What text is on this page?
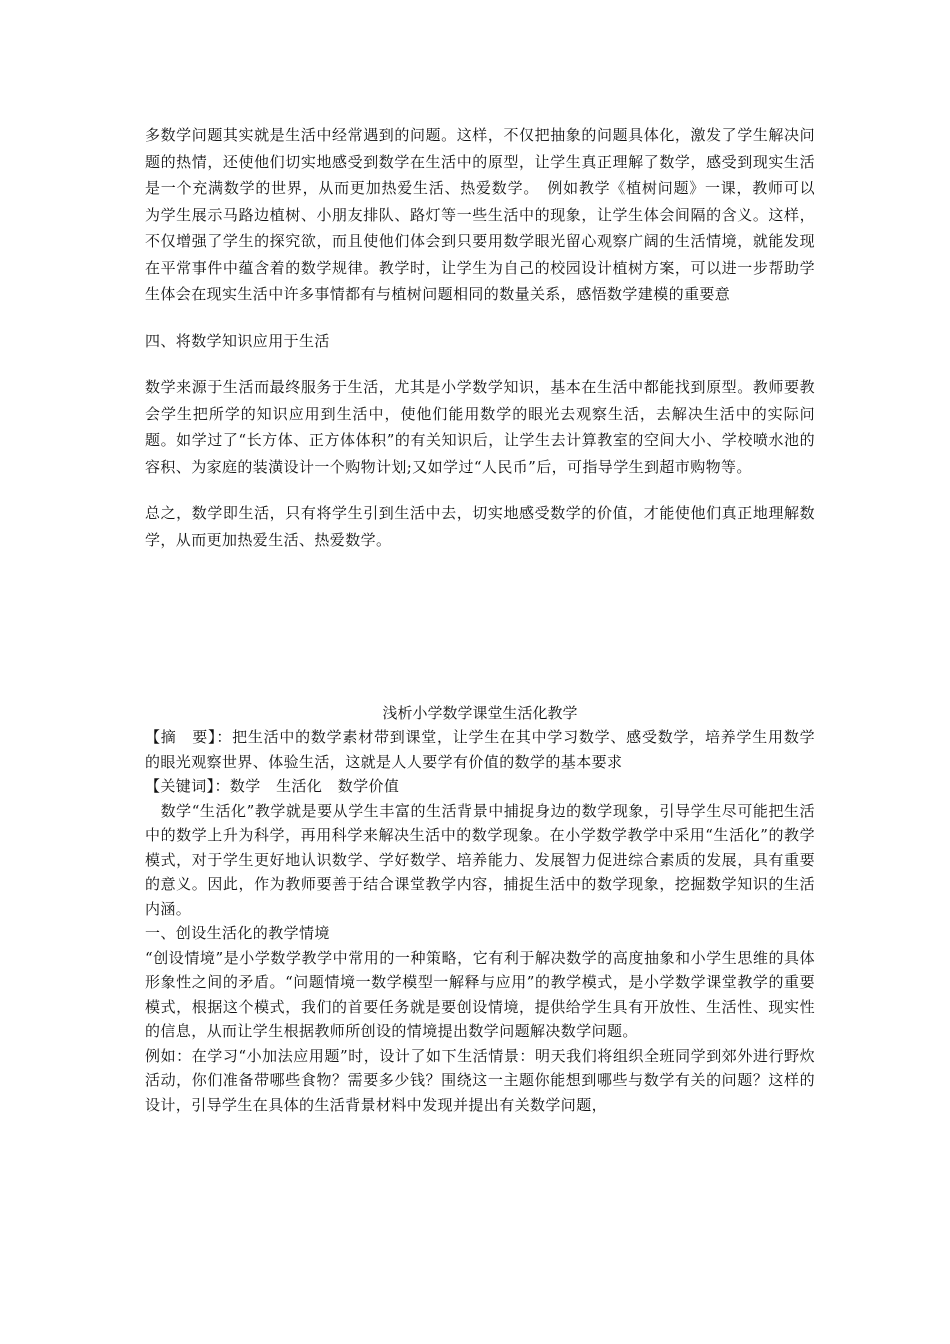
多数学问题其实就是生活中经常遇到的问题。这样，不仅把抽象的问题具体化，激发了学生解决问题的热情，还使他们切实地感受到数学在生活中的原型，让学生真正理解了数学，感受到现实生活是一个充满数学的世界，从而更加热爱生活、热爱数学。　例如教学《植树问题》一课，教师可以为学生展示马路边植树、小朋友排队、路灯等一些生活中的现象，让学生体会间隔的含义。这样，不仅增强了学生的探究欲，而且使他们体会到只要用数学眼光留心观察广阔的生活情境，就能发现在平常事件中蕴含着的数学规律。教学时，让学生为自己的校园设计植树方案，可以进一步帮助学生体会在现实生活中许多事情都有与植树问题相同的数量关系，感悟数学建模的重要意

四、将数学知识应用于生活

数学来源于生活而最终服务于生活，尤其是小学数学知识，基本在生活中都能找到原型。教师要教会学生把所学的知识应用到生活中，使他们能用数学的眼光去观察生活，去解决生活中的实际问题。如学过了“长方体、正方体体积”的有关知识后，让学生去计算教室的空间大小、学校喷水池的容积、为家庭的装潢设计一个购物计划;又如学过“人民币”后，可指导学生到超市购物等。

总之，数学即生活，只有将学生引到生活中去，切实地感受数学的价值，才能使他们真正地理解数学，从而更加热爱生活、热爱数学。

浅析小学数学课堂生活化教学

【摘　要】：把生活中的数学素材带到课堂，让学生在其中学习数学、感受数学，培养学生用数学的眼光观察世界、体验生活，这就是人人要学有价值的数学的基本要求

【关键词】：数学　生活化　数学价值

　数学“生活化”教学就是要从学生丰富的生活背景中捕捉身边的数学现象，引导学生尽可能把生活中的数学上升为科学，再用科学来解决生活中的数学现象。在小学数学教学中采用“生活化”的教学模式，对于学生更好地认识数学、学好数学、培养能力、发展智力促进综合素质的发展，具有重要的意义。因此，作为教师要善于结合课堂教学内容，捕捉生活中的数学现象，挖掘数学知识的生活内涵。

一、创设生活化的教学情境

“创设情境”是小学数学教学中常用的一种策略，它有利于解决数学的高度抽象和小学生思维的具体形象性之间的矛盾。“问题情境一数学模型一解释与应用”的教学模式，是小学数学课堂教学的重要模式，根据这个模式，我们的首要任务就是要创设情境，提供给学生具有开放性、生活性、现实性的信息，从而让学生根据教师所创设的情境提出数学问题解决数学问题。

例如：在学习“小加法应用题”时，设计了如下生活情景：明天我们将组织全班同学到郊外进行野炊活动，你们准备带哪些食物？需要多少钱？围绕这一主题你能想到哪些与数学有关的问题？这样的设计，引导学生在具体的生活背景材料中发现并提出有关数学问题，
